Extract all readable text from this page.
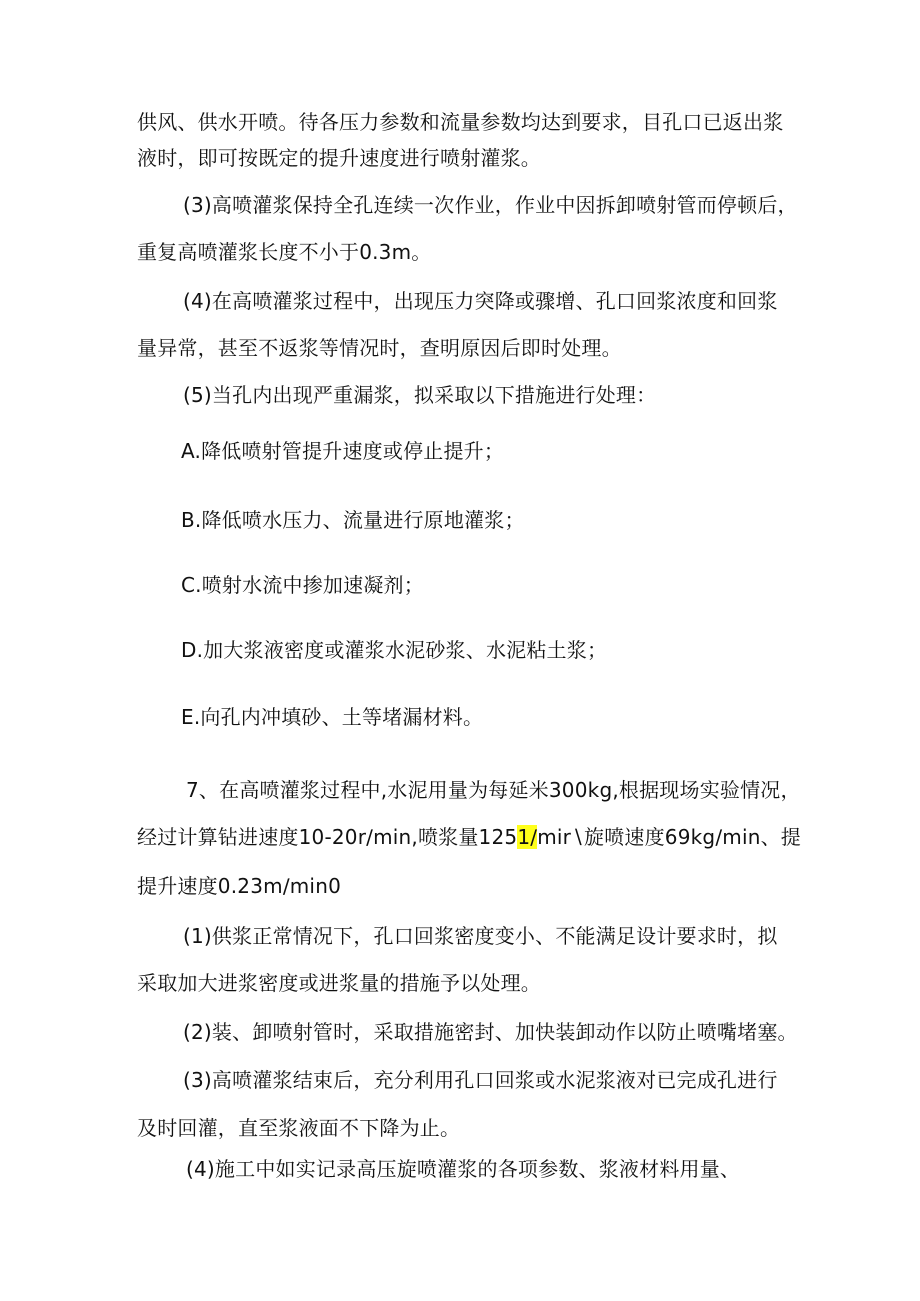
供风、供水开喷。待各压力参数和流量参数均达到要求，目孔口已返出浆
液时，即可按既定的提升速度进行喷射灌浆。
(3)高喷灌浆保持全孔连续一次作业，作业中因拆卸喷射管而停顿后，
重复高喷灌浆长度不小于0.3m。
(4)在高喷灌浆过程中，出现压力突降或骤增、孔口回浆浓度和回浆
量异常，甚至不返浆等情况时，查明原因后即时处理。
(5)当孔内出现严重漏浆，拟采取以下措施进行处理：
A.降低喷射管提升速度或停止提升；
B.降低喷水压力、流量进行原地灌浆；
C.喷射水流中掺加速凝剂；
D.加大浆液密度或灌浆水泥砂浆、水泥粘土浆；
E.向孔内冲填砂、土等堵漏材料。
7、在高喷灌浆过程中,水泥用量为每延米300kg,根据现场实验情况，
经过计算钻进速度10-20r∕min,喷浆量1251∕mir∖旋喷速度69kg∕min、提
提升速度0.23m∕min0
(1)供浆正常情况下，孔口回浆密度变小、不能满足设计要求时，拟
采取加大进浆密度或进浆量的措施予以处理。
(2)装、卸喷射管时，采取措施密封、加快装卸动作以防止喷嘴堵塞。
(3)高喷灌浆结束后，充分利用孔口回浆或水泥浆液对已完成孔进行
及时回灌，直至浆液面不下降为止。
(4)施工中如实记录高压旋喷灌浆的各项参数、浆液材料用量、
